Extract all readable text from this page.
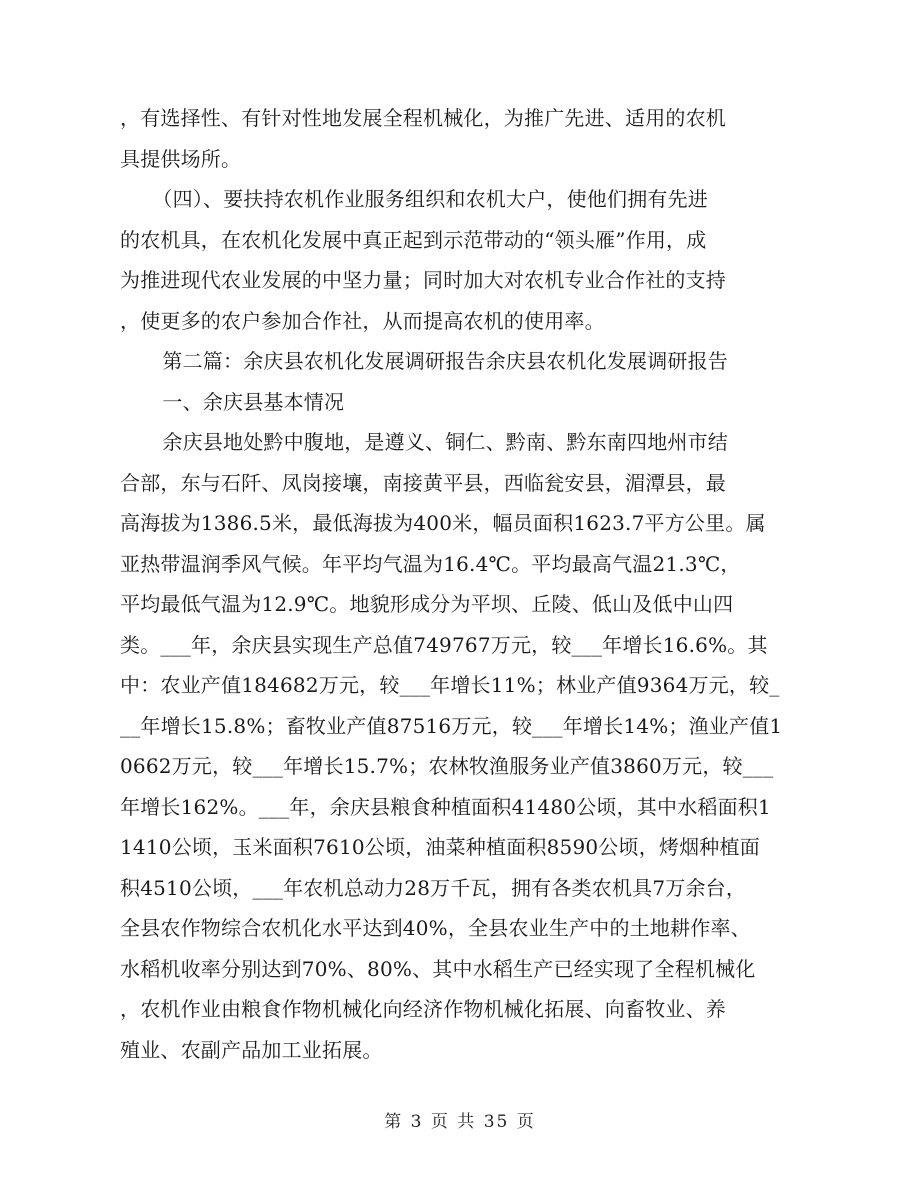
，有选择性、有针对性地发展全程机械化，为推广先进、适用的农机
具提供场所。
　　（四）、要扶持农机作业服务组织和农机大户，使他们拥有先进
的农机具，在农机化发展中真正起到示范带动的“领头雁”作用，成
为推进现代农业发展的中坚力量；同时加大对农机专业合作社的支持
，使更多的农户参加合作社，从而提高农机的使用率。
　　第二篇：余庆县农机化发展调研报告余庆县农机化发展调研报告
　　一、余庆县基本情况
　　余庆县地处黔中腹地，是遵义、铜仁、黔南、黔东南四地州市结
合部，东与石阡、凤岗接壤，南接黄平县，西临瓮安县，湄潭县，最
高海拔为1386.5米，最低海拔为400米，幅员面积1623.7平方公里。属
亚热带温润季风气候。年平均气温为16.4℃。平均最高气温21.3℃，
平均最低气温为12.9℃。地貌形成分为平坝、丘陵、低山及低中山四
类。___年，余庆县实现生产总值749767万元，较___年增长16.6%。其
中：农业产值184682万元，较___年增长11%；林业产值9364万元，较_
__年增长15.8%；畜牧业产值87516万元，较___年增长14%；渔业产值1
0662万元，较___年增长15.7%；农林牧渔服务业产值3860万元，较___
年增长162%。___年，余庆县粮食种植面积41480公顷，其中水稻面积1
1410公顷，玉米面积7610公顷，油菜种植面积8590公顷，烤烟种植面
积4510公顷，___年农机总动力28万千瓦，拥有各类农机具7万余台，
全县农作物综合农机化水平达到40%，全县农业生产中的土地耕作率、
水稻机收率分别达到70%、80%、其中水稻生产已经实现了全程机械化
，农机作业由粮食作物机械化向经济作物机械化拓展、向畜牧业、养
殖业、农副产品加工业拓展。
第 3 页 共 35 页
